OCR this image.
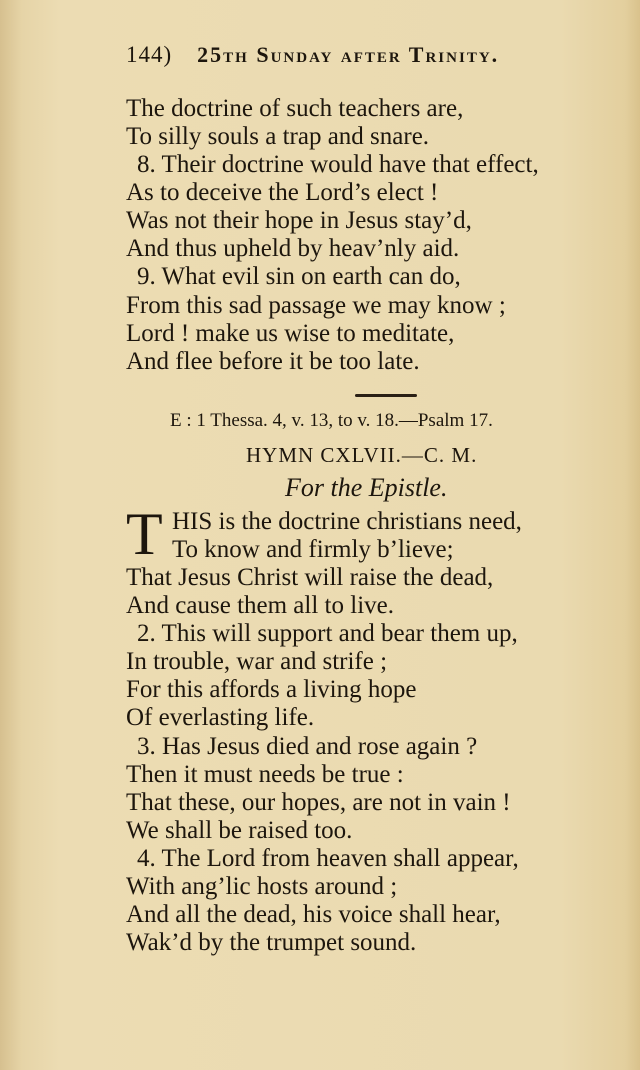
144) 25th Sunday after Trinity.
The doctrine of such teachers are,
To silly souls a trap and snare.
8. Their doctrine would have that effect,
As to deceive the Lord’s elect !
Was not their hope in Jesus stay’d,
And thus upheld by heav’nly aid.
9. What evil sin on earth can do,
From this sad passage we may know ;
Lord ! make us wise to meditate,
And flee before it be too late.
E : 1 Thessa. 4, v. 13, to v. 18.—Psalm 17.
HYMN CXLVII.—C. M.
For the Epistle.
T HIS is the doctrine christians need,
To know and firmly b’lieve;
That Jesus Christ will raise the dead,
And cause them all to live.
2. This will support and bear them up,
In trouble, war and strife ;
For this affords a living hope
Of everlasting life.
3. Has Jesus died and rose again ?
Then it must needs be true :
That these, our hopes, are not in vain !
We shall be raised too.
4. The Lord from heaven shall appear,
With ang’lic hosts around ;
And all the dead, his voice shall hear,
Wak’d by the trumpet sound.
